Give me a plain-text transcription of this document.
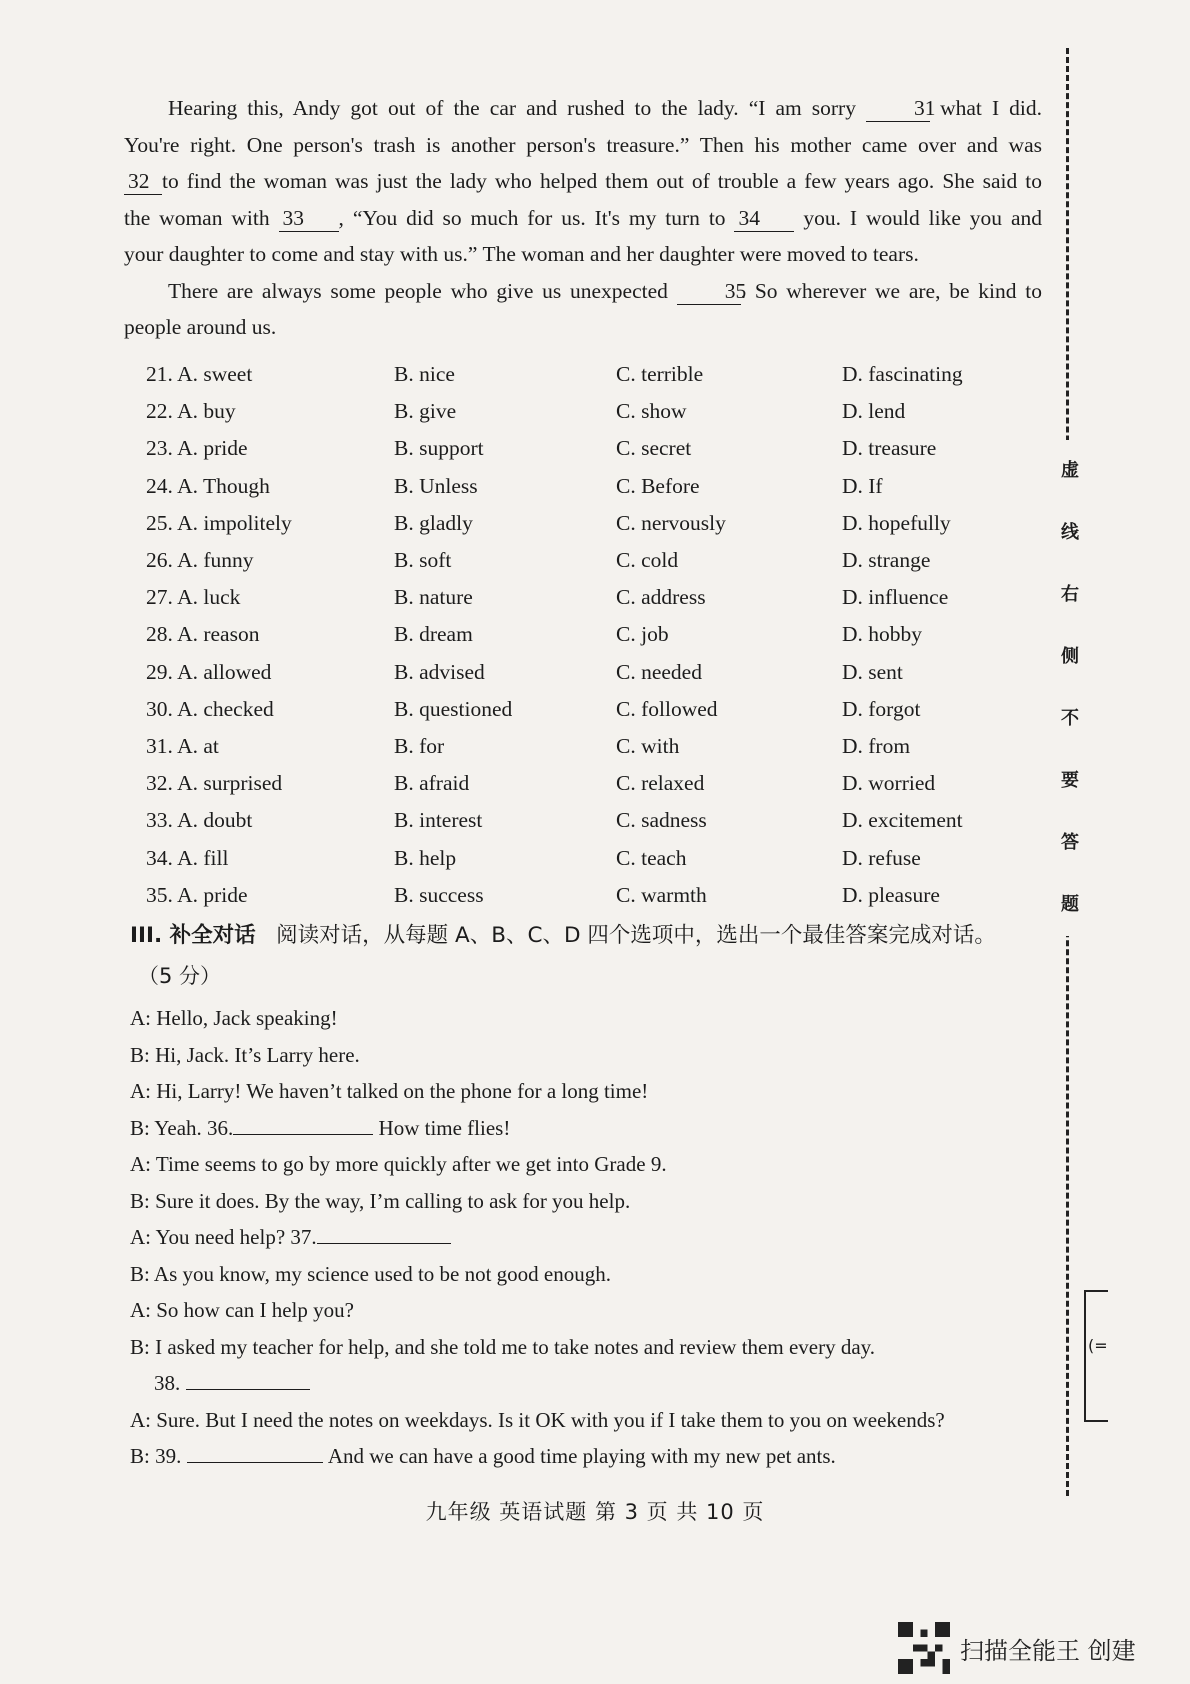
Hearing this, Andy got out of the car and rushed to the lady. “I am sorry	31 what I did.

You're right. One person's trash is another person's treasure.” Then his mother came over and was

32 to find the woman was just the lady who helped them out of trouble a few years ago. She said to

the woman with 33 , “You did so much for us. It's my turn to 34 you. I would like you and

your daughter to come and stay with us.” The woman and her daughter were moved to tears.

There are always some people who give us unexpected	35. So wherever we are, be kind to

people around us.

21. A. sweet	B. nice	C. terrible	D. fascinating
22. A. buy	B. give	C. show	D. lend
23. A. pride	B. support	C. secret	D. treasure
24. A. Though	B. Unless	C. Before	D. If
25. A. impolitely	B. gladly	C. nervously	D. hopefully
26. A. funny	B. soft	C. cold	D. strange
27. A. luck	B. nature	C. address	D. influence
28. A. reason	B. dream	C. job	D. hobby
29. A. allowed	B. advised	C. needed	D. sent
30. A. checked	B. questioned	C. followed	D. forgot
31. A. at	B. for	C. with	D. from
32. A. surprised	B. afraid	C. relaxed	D. worried
33. A. doubt	B. interest	C. sadness	D. excitement
34. A. fill	B. help	C. teach	D. refuse
35. A. pride	B. success	C. warmth	D. pleasure
III. 补全对话 阅读对话，从每题 A、B、C、D 四个选项中，选出一个最佳答案完成对话。
（5 分）
A: Hello, Jack speaking!
B: Hi, Jack. It’s Larry here.
A: Hi, Larry! We haven’t talked on the phone for a long time!
B: Yeah. 36.	How time flies!
A: Time seems to go by more quickly after we get into Grade 9.
B: Sure it does. By the way, I’m calling to ask for you help.
A: You need help? 37.
B: As you know, my science used to be not good enough.
A: So how can I help you?
B: I asked my teacher for help, and she told me to take notes and review them every day.
38.
A: Sure. But I need the notes on weekdays. Is it OK with you if I take them to you on weekends?
B: 39.	And we can have a good time playing with my new pet ants.
九年级 英语试题 第 3 页 共 10 页
虚
线
右
侧
不
要
答
题
(=
扫描全能王 创建
